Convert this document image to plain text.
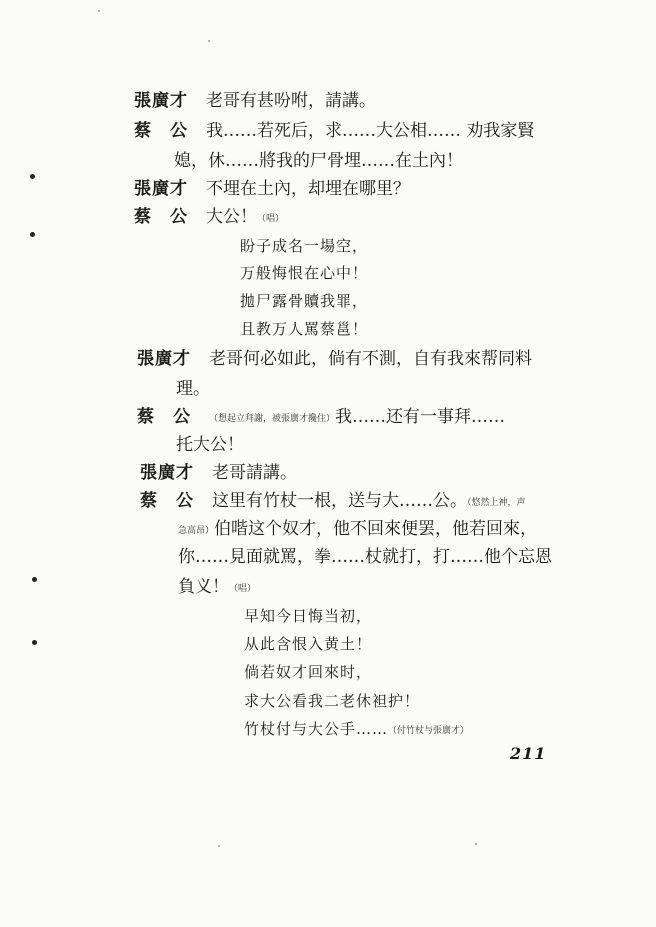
張廣才 老哥有甚吩咐，請講。
蔡　公 我……若死后，求……大公相…… 劝我家賢
媳，休……將我的尸骨埋……在土內！
張廣才 不埋在土內，却埋在哪里？
蔡　公 大公！（唱）
盼子成名一場空，
万般悔恨在心中！
拋尸露骨贖我罪，
且教万人罵蔡邕！
張廣才 老哥何必如此，倘有不測，自有我來帮同料
理。
蔡　公 （想起立拜謝，被張廣才攙住）我……还有一事拜……
托大公！
張廣才 老哥請講。
蔡　公 这里有竹杖一根，送与大……公。（悠然上神，声
急高昂）伯喈这个奴才，他不回來便罢，他若回來，
你……見面就罵，拳……杖就打，打……他个忘恩
負义！（唱）
早知今日悔当初，
从此含恨入黄土！
倘若奴才回來时，
求大公看我二老休袒护！
竹杖付与大公手……（付竹杖与張廣才）
211
